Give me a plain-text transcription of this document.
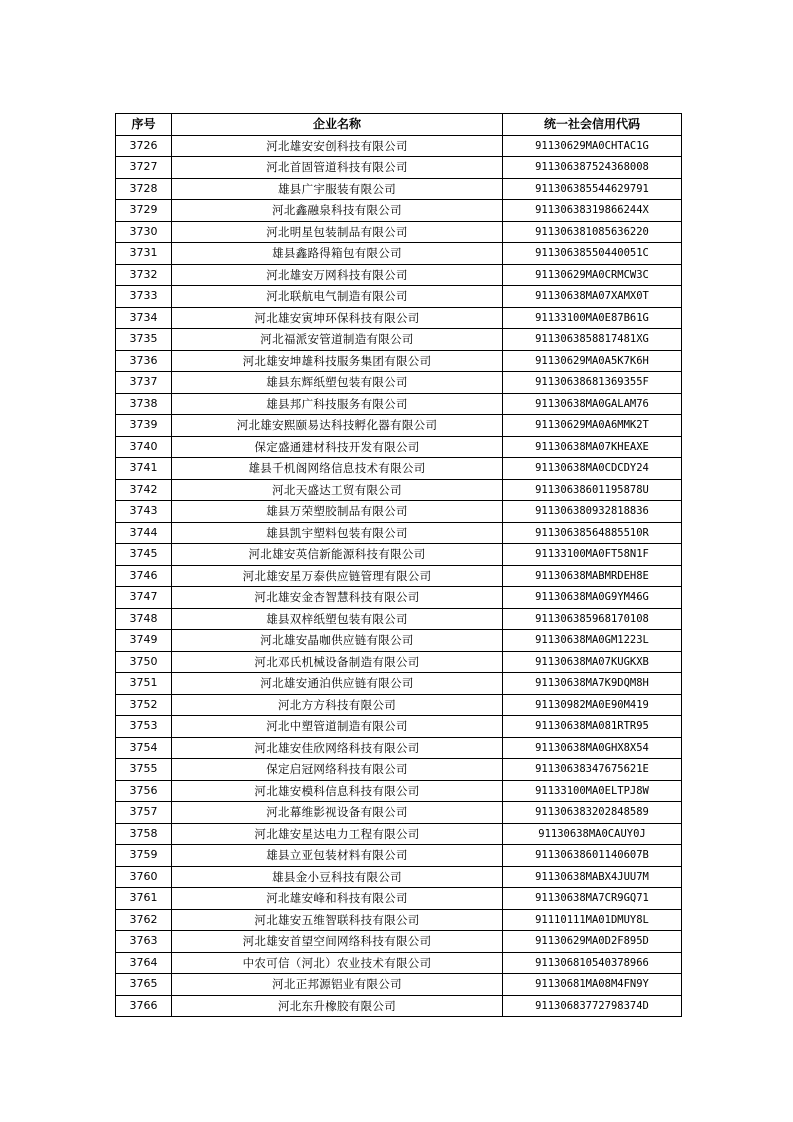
序号	企业名称	统一社会信用代码
3726	河北雄安安创科技有限公司	91130629MA0CHTAC1G
3727	河北首固管道科技有限公司	911306387524368008
3728	雄县广宇服装有限公司	911306385544629791
3729	河北鑫融泉科技有限公司	91130638319866244X
3730	河北明星包装制品有限公司	911306381085636220
3731	雄县鑫路得箱包有限公司	91130638550440051C
3732	河北雄安万网科技有限公司	91130629MA0CRMCW3C
3733	河北联航电气制造有限公司	91130638MA07XAMX0T
3734	河北雄安寅坤环保科技有限公司	91133100MA0E87B61G
3735	河北福派安管道制造有限公司	9113063858817481XG
3736	河北雄安坤雄科技服务集团有限公司	91130629MA0A5K7K6H
3737	雄县东辉纸塑包装有限公司	91130638681369355F
3738	雄县邦广科技服务有限公司	91130638MA0GALAM76
3739	河北雄安熙颐易达科技孵化器有限公司	91130629MA0A6MMK2T
3740	保定盛通建材科技开发有限公司	91130638MA07KHEAXE
3741	雄县千机阁网络信息技术有限公司	91130638MA0CDCDY24
3742	河北天盛达工贸有限公司	91130638601195878U
3743	雄县万荣塑胶制品有限公司	911306380932818836
3744	雄县凯宇塑料包装有限公司	91130638564885510R
3745	河北雄安英信新能源科技有限公司	91133100MA0FT58N1F
3746	河北雄安星万泰供应链管理有限公司	91130638MABMRDEH8E
3747	河北雄安金杏智慧科技有限公司	91130638MA0G9YM46G
3748	雄县双梓纸塑包装有限公司	911306385968170108
3749	河北雄安晶咖供应链有限公司	91130638MA0GM1223L
3750	河北邓氏机械设备制造有限公司	91130638MA07KUGKXB
3751	河北雄安通泊供应链有限公司	91130638MA7K9DQM8H
3752	河北方方科技有限公司	91130982MA0E90M419
3753	河北中塑管道制造有限公司	91130638MA081RTR95
3754	河北雄安佳欣网络科技有限公司	91130638MA0GHX8X54
3755	保定启冠网络科技有限公司	91130638347675621E
3756	河北雄安模科信息科技有限公司	91133100MA0ELTPJ8W
3757	河北幕维影视设备有限公司	911306383202848589
3758	河北雄安星达电力工程有限公司	91130638MA0CAUY0J
3759	雄县立亚包装材料有限公司	91130638601140607B
3760	雄县金小豆科技有限公司	91130638MABX4JUU7M
3761	河北雄安峰和科技有限公司	91130638MA7CR9GQ71
3762	河北雄安五维智联科技有限公司	91110111MA01DMUY8L
3763	河北雄安首望空间网络科技有限公司	91130629MA0D2F895D
3764	中农可信（河北）农业技术有限公司	911306810540378966
3765	河北正邦源铝业有限公司	91130681MA08M4FN9Y
3766	河北东升橡胶有限公司	91130683772798374D
